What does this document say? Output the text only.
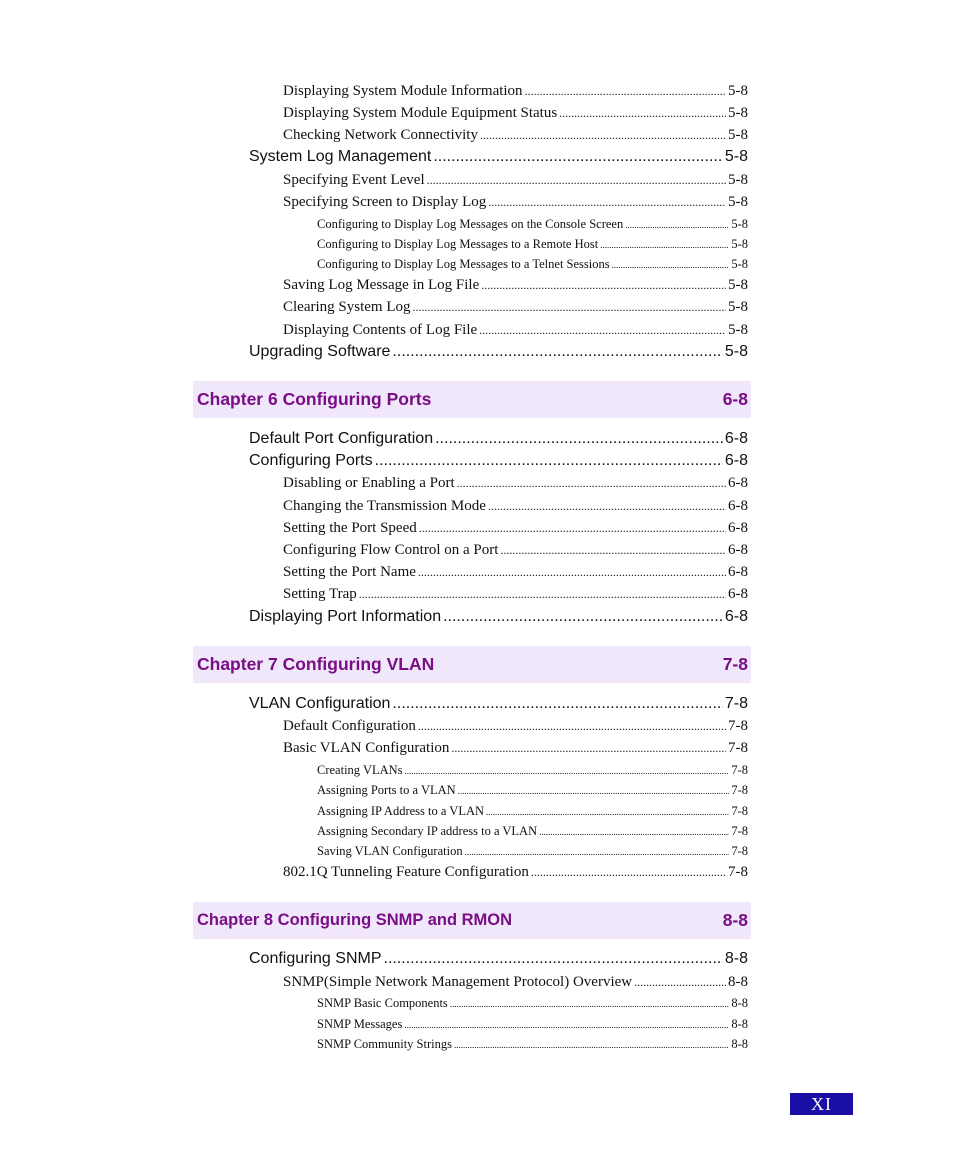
Displaying System Module Information .....	5-8
Displaying System Module Equipment Status .....	5-8
Checking Network Connectivity .....	5-8
System Log Management .....	5-8
Specifying Event Level .....	5-8
Specifying Screen to Display Log .....	5-8
Configuring to Display Log Messages on the Console Screen .....	5-8
Configuring to Display Log Messages to a Remote Host .....	5-8
Configuring to Display Log Messages to a Telnet Sessions .....	5-8
Saving Log Message in Log File .....	5-8
Clearing System Log .....	5-8
Displaying Contents of Log File .....	5-8
Upgrading Software .....	5-8
Chapter 6 Configuring Ports	6-8
Default Port Configuration .....	6-8
Configuring Ports .....	6-8
Disabling or Enabling a Port .....	6-8
Changing the Transmission Mode .....	6-8
Setting the Port Speed .....	6-8
Configuring Flow Control on a Port .....	6-8
Setting the Port Name .....	6-8
Setting Trap .....	6-8
Displaying Port Information .....	6-8
Chapter 7 Configuring VLAN	7-8
VLAN Configuration .....	7-8
Default Configuration .....	7-8
Basic VLAN Configuration .....	7-8
Creating VLANs .....	7-8
Assigning Ports to a VLAN .....	7-8
Assigning IP Address to a VLAN .....	7-8
Assigning Secondary IP address to a VLAN .....	7-8
Saving VLAN Configuration .....	7-8
802.1Q Tunneling Feature Configuration .....	7-8
Chapter 8 Configuring SNMP and RMON	8-8
Configuring SNMP .....	8-8
SNMP(Simple Network Management Protocol) Overview .....	8-8
SNMP Basic Components .....	8-8
SNMP Messages .....	8-8
SNMP Community Strings .....	8-8
XI
